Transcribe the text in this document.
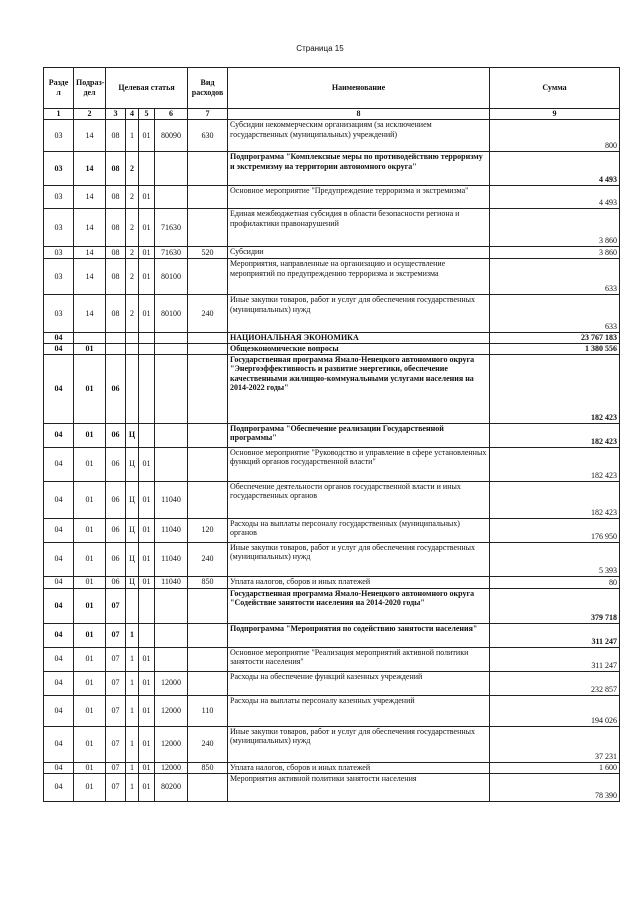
Страница 15
Разде л	Подраз- дел	Целевая статья				Вид расходов	Наименование	Сумма
1	2	3	4	5	6	7	8	9
03	14	08	1	01	80090	630	Субсидии некоммерческим организациям (за исключением государственных (муниципальных) учреждений)	800
03	14	08	2				Подпрограмма "Комплексные меры по противодействию терроризму и экстремизму на территории автономного округа"	4 493
03	14	08	2	01			Основное мероприятие "Предупреждение терроризма и экстремизма"	4 493
03	14	08	2	01	71630		Единая межбюджетная субсидия в области безопасности региона и профилактики правонарушений	3 860
03	14	08	2	01	71630	520	Субсидии	3 860
03	14	08	2	01	80100		Мероприятия, направленные на организацию и осуществление мероприятий по предупреждению терроризма и экстремизма	633
03	14	08	2	01	80100	240	Иные закупки товаров, работ и услуг для обеспечения государственных (муниципальных) нужд	633
04							НАЦИОНАЛЬНАЯ ЭКОНОМИКА	23 767 183
04	01						Общеэкономические вопросы	1 380 556
04	01	06					Государственная программа Ямало-Ненецкого автономного округа "Энергоэффективность и развитие энергетики, обеспечение качественными жилищно-коммунальными услугами населения на 2014-2022 годы"	182 423
04	01	06	Ц				Подпрограмма "Обеспечение реализации Государственной программы"	182 423
04	01	06	Ц	01			Основное мероприятие "Руководство и управление в сфере установленных функций органов государственной власти"	182 423
04	01	06	Ц	01	11040		Обеспечение деятельности органов государственной власти и иных государственных органов	182 423
04	01	06	Ц	01	11040	120	Расходы на выплаты персоналу государственных (муниципальных) органов	176 950
04	01	06	Ц	01	11040	240	Иные закупки товаров, работ и услуг для обеспечения государственных (муниципальных) нужд	5 393
04	01	06	Ц	01	11040	850	Уплата налогов, сборов и иных платежей	80
04	01	07					Государственная программа Ямало-Ненецкого автономного округа "Содействие занятости населения на 2014-2020 годы"	379 718
04	01	07	1				Подпрограмма "Мероприятия по содействию занятости населения"	311 247
04	01	07	1	01			Основное мероприятие "Реализация мероприятий активной политики занятости населения"	311 247
04	01	07	1	01	12000		Расходы на обеспечение функций казенных учреждений	232 857
04	01	07	1	01	12000	110	Расходы на выплаты персоналу казенных учреждений	194 026
04	01	07	1	01	12000	240	Иные закупки товаров, работ и услуг для обеспечения государственных (муниципальных) нужд	37 231
04	01	07	1	01	12000	850	Уплата налогов, сборов и иных платежей	1 600
04	01	07	1	01	80200		Мероприятия активной политики занятости населения	78 390
